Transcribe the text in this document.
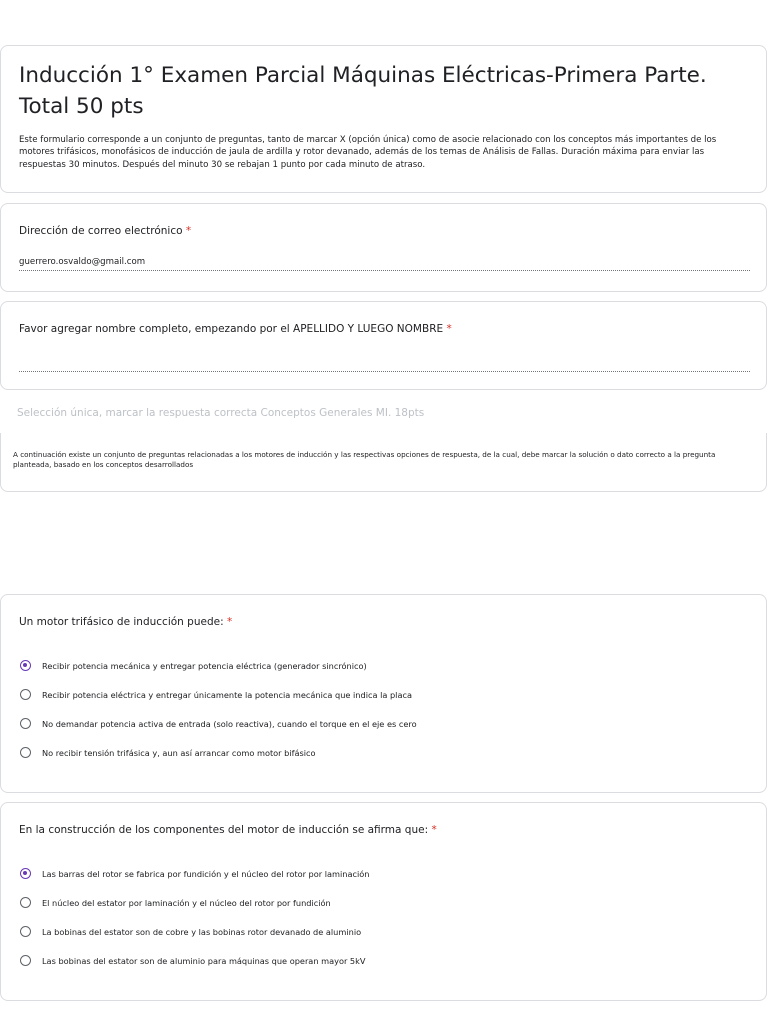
Inducción 1° Examen Parcial Máquinas Eléctricas-Primera Parte. Total 50 pts
Este formulario corresponde a un conjunto de preguntas, tanto de marcar X (opción única) como de asocie relacionado con los conceptos más importantes de los motores trifásicos, monofásicos de inducción de jaula de ardilla y rotor devanado, además de los temas de Análisis de Fallas. Duración máxima para enviar las respuestas 30 minutos. Después del minuto 30 se rebajan 1 punto por cada minuto de atraso.
Dirección de correo electrónico *
guerrero.osvaldo@gmail.com
Favor agregar nombre completo, empezando por el APELLIDO Y LUEGO NOMBRE *
Selección única, marcar la respuesta correcta Conceptos Generales MI. 18pts
A continuación existe un conjunto de preguntas relacionadas a los motores de inducción y las respectivas opciones de respuesta, de la cual, debe marcar la solución o dato correcto a la pregunta planteada, basado en los conceptos desarrollados
Un motor trifásico de inducción puede: *
Recibir potencia mecánica y entregar potencia eléctrica (generador sincrónico)
Recibir potencia eléctrica y entregar únicamente la potencia mecánica que indica la placa
No demandar potencia activa de entrada (solo reactiva), cuando el torque en el eje es cero
No recibir tensión trifásica y, aun así arrancar como motor bifásico
En la construcción de los componentes del motor de inducción se afirma que: *
Las barras del rotor se fabrica por fundición y el núcleo del rotor por laminación
El núcleo del estator por laminación y el núcleo del rotor por fundición
La bobinas del estator son de cobre y las bobinas rotor devanado de aluminio
Las bobinas del estator son de aluminio para máquinas que operan mayor 5kV
